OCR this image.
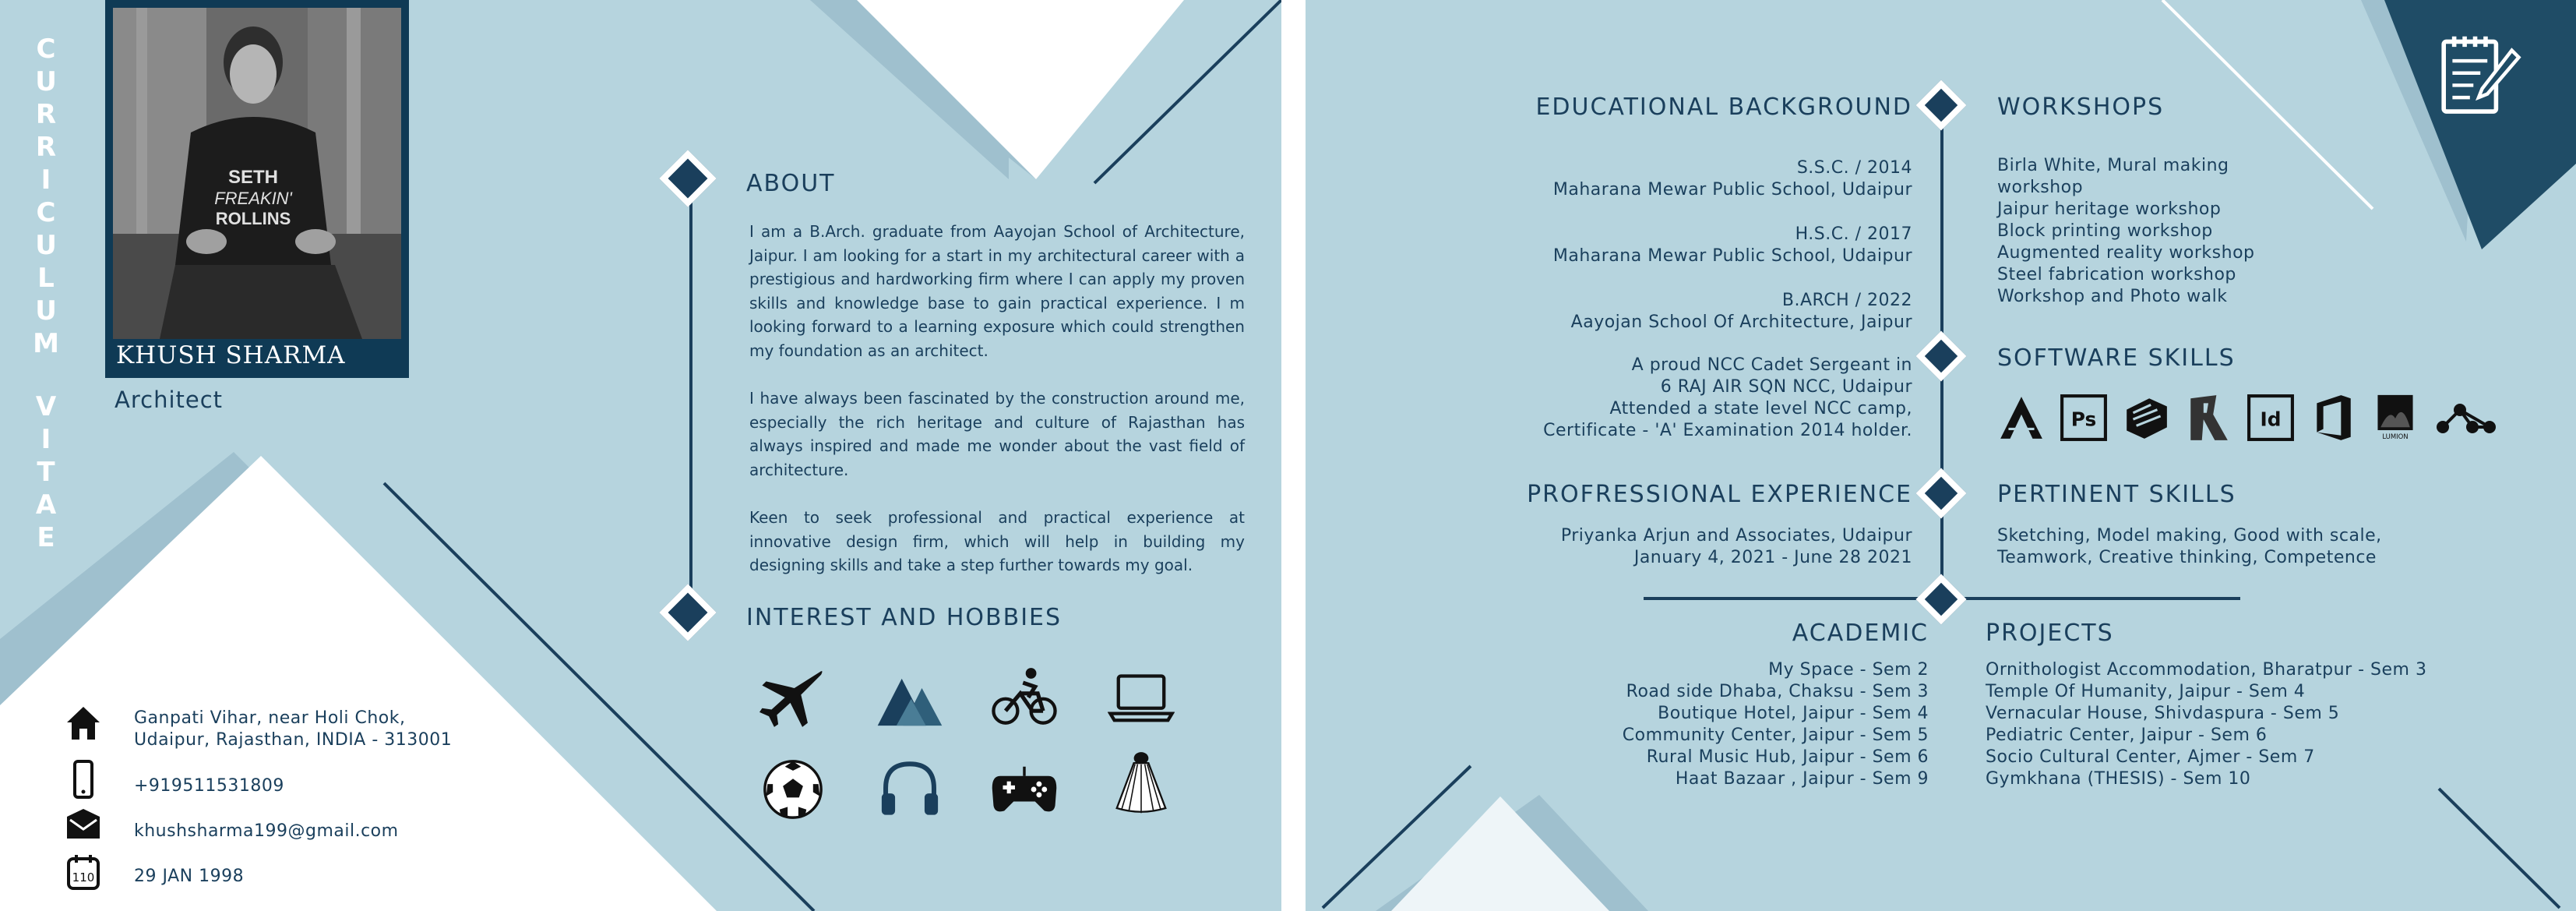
C
U
R
R
I
C
U
L
U
M
V
I
T
A
E
SETH
FREAKIN'
ROLLINS
KHUSH SHARMA
Architect
ABOUT

I am a B.Arch. graduate from Aayojan School of Architecture, Jaipur. I am looking for a start in my architectural career with a prestigious and hardworking firm where I can apply my proven skills and knowledge base to gain practical experience. I m looking forward to a learning exposure which could strengthen my foundation as an architect.

I have always been fascinated by the construction around me, especially the rich heritage and culture of Rajasthan has always inspired and made me wonder about the vast field of architecture.

Keen to seek professional and practical experience at innovative design firm, which will help in building my designing skills and take a step further towards my goal.

INTEREST AND HOBBIES
Ganpati Vihar, near Holi Chok,
Udaipur, Rajasthan, INDIA - 313001
+919511531809
khushsharma199@gmail.com
110 29 JAN 1998
EDUCATIONAL BACKGROUND
S.S.C. / 2014
Maharana Mewar Public School, Udaipur
H.S.C. / 2017
Maharana Mewar Public School, Udaipur
B.ARCH / 2022
Aayojan School Of Architecture, Jaipur
A proud NCC Cadet Sergeant in
6 RAJ AIR SQN NCC, Udaipur
Attended a state level NCC camp,
Certificate - 'A' Examination 2014 holder.
WORKSHOPS
Birla White, Mural making
workshop
Jaipur heritage workshop
Block printing workshop
Augmented reality workshop
Steel fabrication workshop
Workshop and Photo walk
SOFTWARE SKILLS
Ps	Id
LUMION
PROFRESSIONAL EXPERIENCE
Priyanka Arjun and Associates, Udaipur
January 4, 2021 - June 28 2021
PERTINENT SKILLS
Sketching, Model making, Good with scale,
Teamwork, Creative thinking, Competence
ACADEMIC
My Space - Sem 2
Road side Dhaba, Chaksu - Sem 3
Boutique Hotel, Jaipur - Sem 4
Community Center, Jaipur - Sem 5
Rural Music Hub, Jaipur - Sem 6
Haat Bazaar , Jaipur - Sem 9
PROJECTS
Ornithologist Accommodation, Bharatpur - Sem 3
Temple Of Humanity, Jaipur - Sem 4
Vernacular House, Shivdaspura - Sem 5
Pediatric Center, Jaipur - Sem 6
Socio Cultural Center, Ajmer - Sem 7
Gymkhana (THESIS) - Sem 10
